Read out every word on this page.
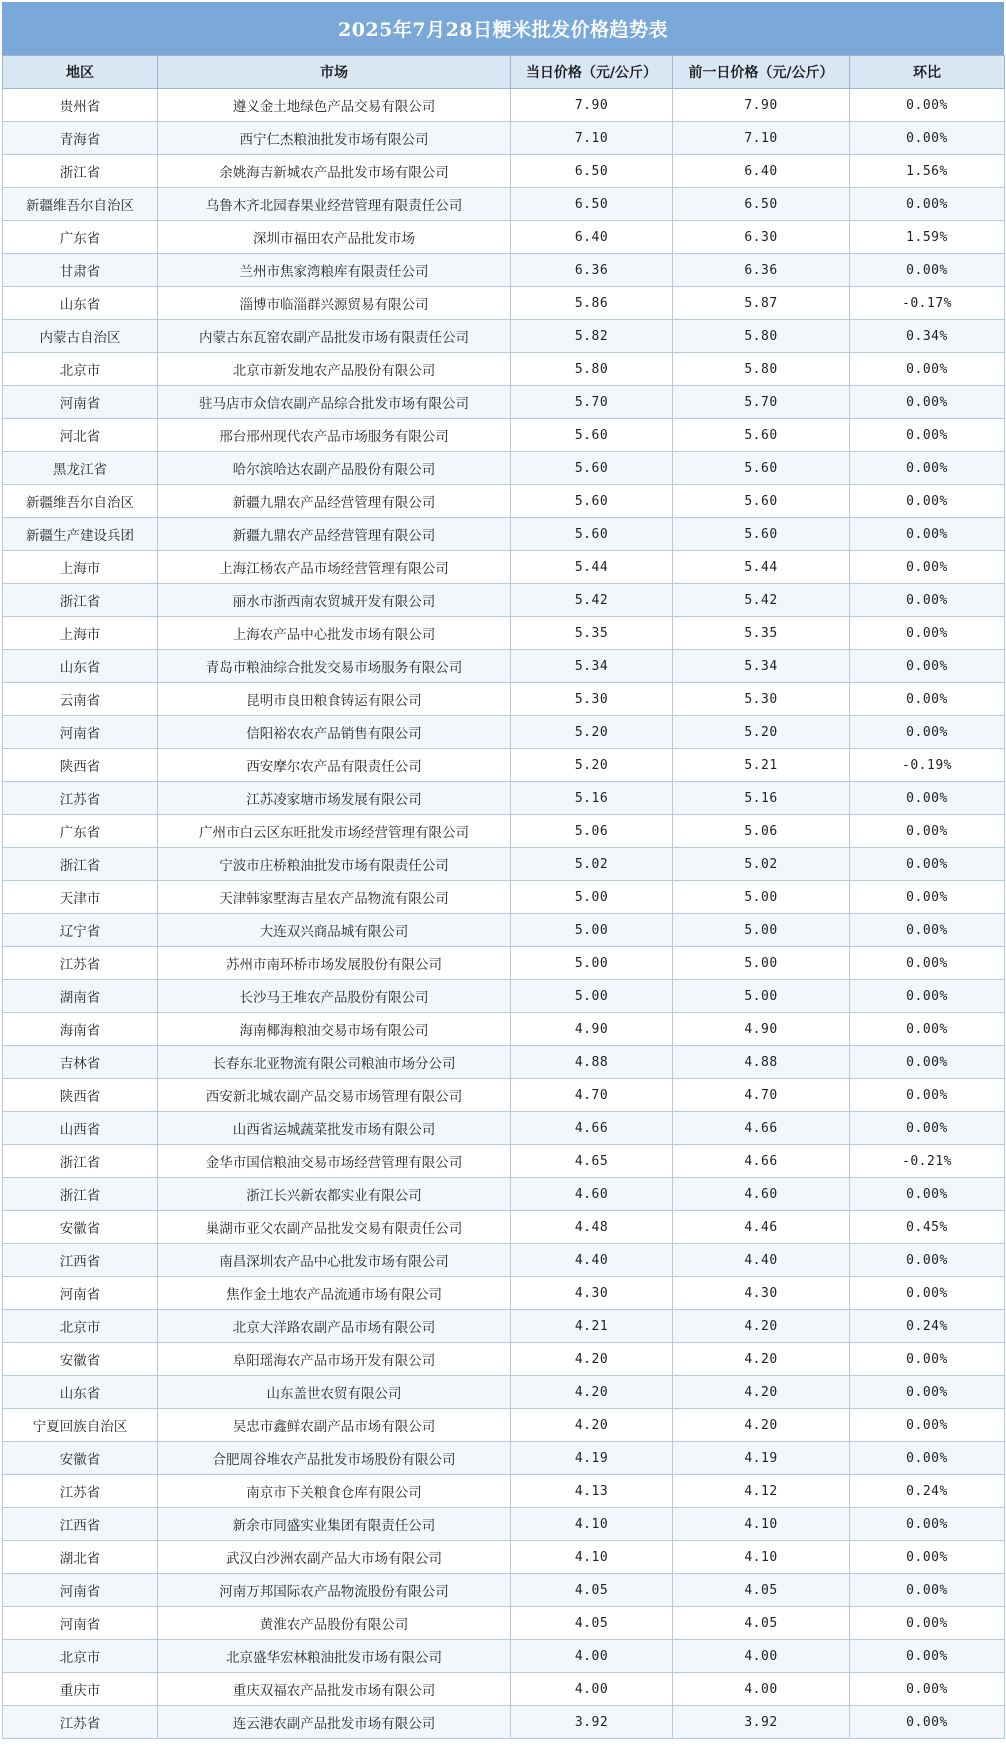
2025年7月28日粳米批发价格趋势表
地区	市场	当日价格（元/公斤）	前一日价格（元/公斤）	环比
贵州省	遵义金土地绿色产品交易有限公司	7.90	7.90	0.00%
青海省	西宁仁杰粮油批发市场有限公司	7.10	7.10	0.00%
浙江省	余姚海吉新城农产品批发市场有限公司	6.50	6.40	1.56%
新疆维吾尔自治区	乌鲁木齐北园春果业经营管理有限责任公司	6.50	6.50	0.00%
广东省	深圳市福田农产品批发市场	6.40	6.30	1.59%
甘肃省	兰州市焦家湾粮库有限责任公司	6.36	6.36	0.00%
山东省	淄博市临淄群兴源贸易有限公司	5.86	5.87	-0.17%
内蒙古自治区	内蒙古东瓦窑农副产品批发市场有限责任公司	5.82	5.80	0.34%
北京市	北京市新发地农产品股份有限公司	5.80	5.80	0.00%
河南省	驻马店市众信农副产品综合批发市场有限公司	5.70	5.70	0.00%
河北省	邢台邢州现代农产品市场服务有限公司	5.60	5.60	0.00%
黑龙江省	哈尔滨哈达农副产品股份有限公司	5.60	5.60	0.00%
新疆维吾尔自治区	新疆九鼎农产品经营管理有限公司	5.60	5.60	0.00%
新疆生产建设兵团	新疆九鼎农产品经营管理有限公司	5.60	5.60	0.00%
上海市	上海江杨农产品市场经营管理有限公司	5.44	5.44	0.00%
浙江省	丽水市浙西南农贸城开发有限公司	5.42	5.42	0.00%
上海市	上海农产品中心批发市场有限公司	5.35	5.35	0.00%
山东省	青岛市粮油综合批发交易市场服务有限公司	5.34	5.34	0.00%
云南省	昆明市良田粮食铸运有限公司	5.30	5.30	0.00%
河南省	信阳裕农农产品销售有限公司	5.20	5.20	0.00%
陕西省	西安摩尔农产品有限责任公司	5.20	5.21	-0.19%
江苏省	江苏凌家塘市场发展有限公司	5.16	5.16	0.00%
广东省	广州市白云区东旺批发市场经营管理有限公司	5.06	5.06	0.00%
浙江省	宁波市庄桥粮油批发市场有限责任公司	5.02	5.02	0.00%
天津市	天津韩家墅海吉星农产品物流有限公司	5.00	5.00	0.00%
辽宁省	大连双兴商品城有限公司	5.00	5.00	0.00%
江苏省	苏州市南环桥市场发展股份有限公司	5.00	5.00	0.00%
湖南省	长沙马王堆农产品股份有限公司	5.00	5.00	0.00%
海南省	海南椰海粮油交易市场有限公司	4.90	4.90	0.00%
吉林省	长春东北亚物流有限公司粮油市场分公司	4.88	4.88	0.00%
陕西省	西安新北城农副产品交易市场管理有限公司	4.70	4.70	0.00%
山西省	山西省运城蔬菜批发市场有限公司	4.66	4.66	0.00%
浙江省	金华市国信粮油交易市场经营管理有限公司	4.65	4.66	-0.21%
浙江省	浙江长兴新农都实业有限公司	4.60	4.60	0.00%
安徽省	巢湖市亚父农副产品批发交易有限责任公司	4.48	4.46	0.45%
江西省	南昌深圳农产品中心批发市场有限公司	4.40	4.40	0.00%
河南省	焦作金土地农产品流通市场有限公司	4.30	4.30	0.00%
北京市	北京大洋路农副产品市场有限公司	4.21	4.20	0.24%
安徽省	阜阳瑶海农产品市场开发有限公司	4.20	4.20	0.00%
山东省	山东盖世农贸有限公司	4.20	4.20	0.00%
宁夏回族自治区	吴忠市鑫鲜农副产品市场有限公司	4.20	4.20	0.00%
安徽省	合肥周谷堆农产品批发市场股份有限公司	4.19	4.19	0.00%
江苏省	南京市下关粮食仓库有限公司	4.13	4.12	0.24%
江西省	新余市同盛实业集团有限责任公司	4.10	4.10	0.00%
湖北省	武汉白沙洲农副产品大市场有限公司	4.10	4.10	0.00%
河南省	河南万邦国际农产品物流股份有限公司	4.05	4.05	0.00%
河南省	黄淮农产品股份有限公司	4.05	4.05	0.00%
北京市	北京盛华宏林粮油批发市场有限公司	4.00	4.00	0.00%
重庆市	重庆双福农产品批发市场有限公司	4.00	4.00	0.00%
江苏省	连云港农副产品批发市场有限公司	3.92	3.92	0.00%
